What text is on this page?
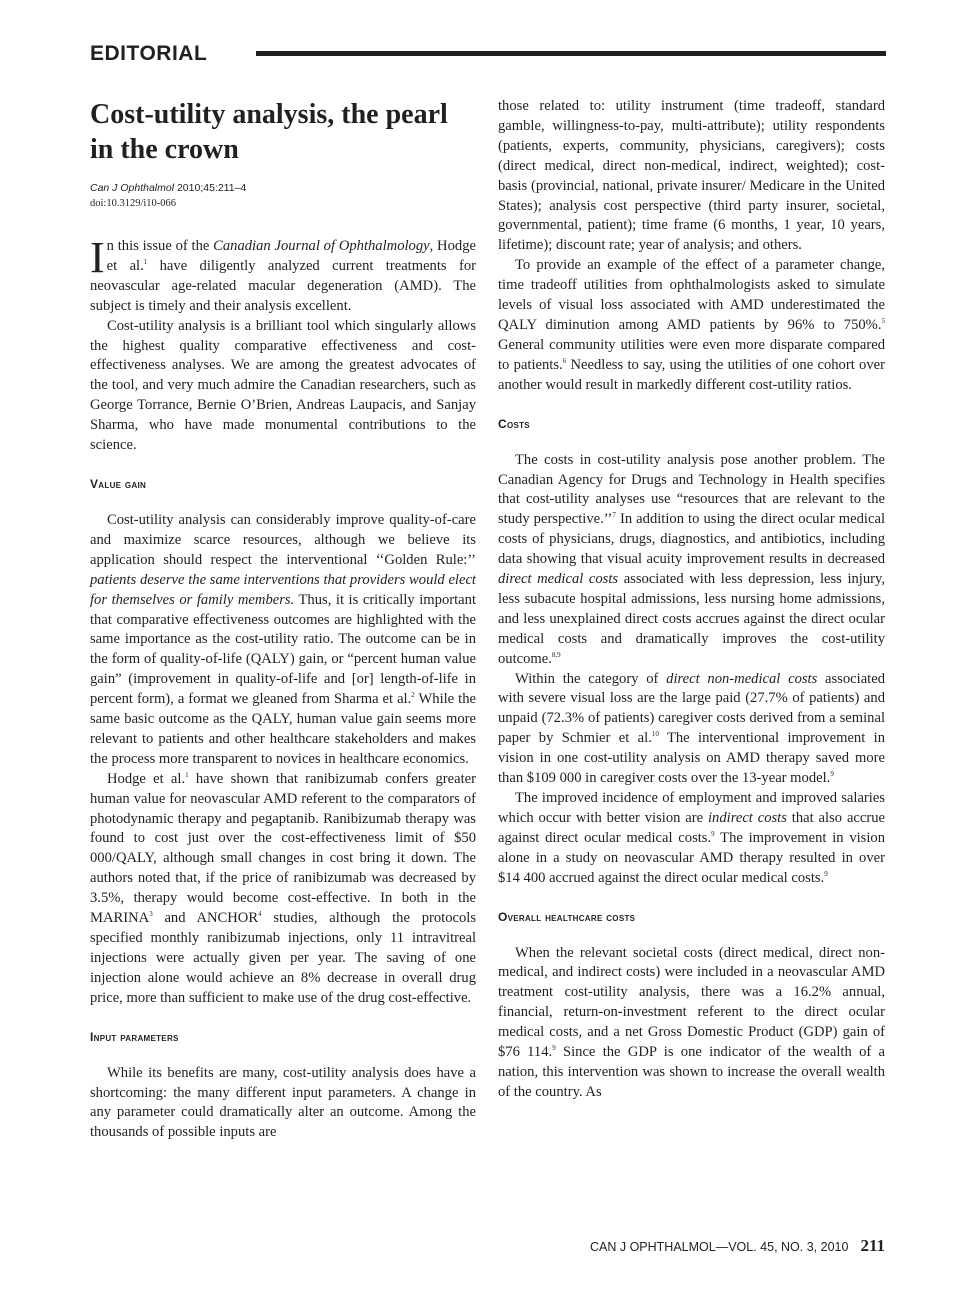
EDITORIAL
Cost-utility analysis, the pearl in the crown

Can J Ophthalmol 2010;45:211–4

doi:10.3129/i10-066

In this issue of the Canadian Journal of Ophthalmology, Hodge et al.$^1$ have diligently analyzed current treatments for neovascular age-related macular degeneration (AMD). The subject is timely and their analysis excellent.

Cost-utility analysis is a brilliant tool which singularly allows the highest quality comparative effectiveness and cost-effectiveness analyses. We are among the greatest advocates of the tool, and very much admire the Canadian researchers, such as George Torrance, Bernie O’Brien, Andreas Laupacis, and Sanjay Sharma, who have made monumental contributions to the science.

Value gain

Cost-utility analysis can considerably improve quality-of-care and maximize scarce resources, although we believe its application should respect the interventional ‘‘Golden Rule:’’ patients deserve the same interventions that providers would elect for themselves or family members. Thus, it is critically important that comparative effectiveness outcomes are highlighted with the same importance as the cost-utility ratio. The outcome can be in the form of quality-of-life (QALY) gain, or “percent human value gain” (improvement in quality-of-life and [or] length-of-life in percent form), a format we gleaned from Sharma et al.$^2$ While the same basic outcome as the QALY, human value gain seems more relevant to patients and other healthcare stakeholders and makes the process more transparent to novices in healthcare economics.

Hodge et al.$^1$ have shown that ranibizumab confers greater human value for neovascular AMD referent to the comparators of photodynamic therapy and pegaptanib. Ranibizumab therapy was found to cost just over the cost-effectiveness limit of $50 000/QALY, although small changes in cost bring it down. The authors noted that, if the price of ranibizumab was decreased by 3.5%, therapy would become cost-effective. In both in the MARINA$^3$ and ANCHOR$^4$ studies, although the protocols specified monthly ranibizumab injections, only 11 intravitreal injections were actually given per year. The saving of one injection alone would achieve an 8% decrease in overall drug price, more than sufficient to make use of the drug cost-effective.

Input parameters

While its benefits are many, cost-utility analysis does have a shortcoming: the many different input parameters. A change in any parameter could dramatically alter an outcome. Among the thousands of possible inputs are

those related to: utility instrument (time tradeoff, standard gamble, willingness-to-pay, multi-attribute); utility respondents (patients, experts, community, physicians, caregivers); costs (direct medical, direct non-medical, indirect, weighted); cost-basis (provincial, national, private insurer/ Medicare in the United States); analysis cost perspective (third party insurer, societal, governmental, patient); time frame (6 months, 1 year, 10 years, lifetime); discount rate; year of analysis; and others.

To provide an example of the effect of a parameter change, time tradeoff utilities from ophthalmologists asked to simulate levels of visual loss associated with AMD underestimated the QALY diminution among AMD patients by 96% to 750%.$^5$ General community utilities were even more disparate compared to patients.$^6$ Needless to say, using the utilities of one cohort over another would result in markedly different cost-utility ratios.

Costs

The costs in cost-utility analysis pose another problem. The Canadian Agency for Drugs and Technology in Health specifies that cost-utility analyses use “resources that are relevant to the study perspective.’’$^7$ In addition to using the direct ocular medical costs of physicians, drugs, diagnostics, and antibiotics, including data showing that visual acuity improvement results in decreased direct medical costs associated with less depression, less injury, less subacute hospital admissions, less nursing home admissions, and less unexplained direct costs accrues against the direct ocular medical costs and dramatically improves the cost-utility outcome.$^{8,9}$

Within the category of direct non-medical costs associated with severe visual loss are the large paid (27.7% of patients) and unpaid (72.3% of patients) caregiver costs derived from a seminal paper by Schmier et al.$^{10}$ The interventional improvement in vision in one cost-utility analysis on AMD therapy saved more than $109 000 in caregiver costs over the 13-year model.$^9$

The improved incidence of employment and improved salaries which occur with better vision are indirect costs that also accrue against direct ocular medical costs.$^9$ The improvement in vision alone in a study on neovascular AMD therapy resulted in over $14 400 accrued against the direct ocular medical costs.$^9$

Overall healthcare costs

When the relevant societal costs (direct medical, direct non-medical, and indirect costs) were included in a neovascular AMD treatment cost-utility analysis, there was a 16.2% annual, financial, return-on-investment referent to the direct ocular medical costs, and a net Gross Domestic Product (GDP) gain of $76 114.$^9$ Since the GDP is one indicator of the wealth of a nation, this intervention was shown to increase the overall wealth of the country. As

CAN J OPHTHALMOL—VOL. 45, NO. 3, 2010 211
